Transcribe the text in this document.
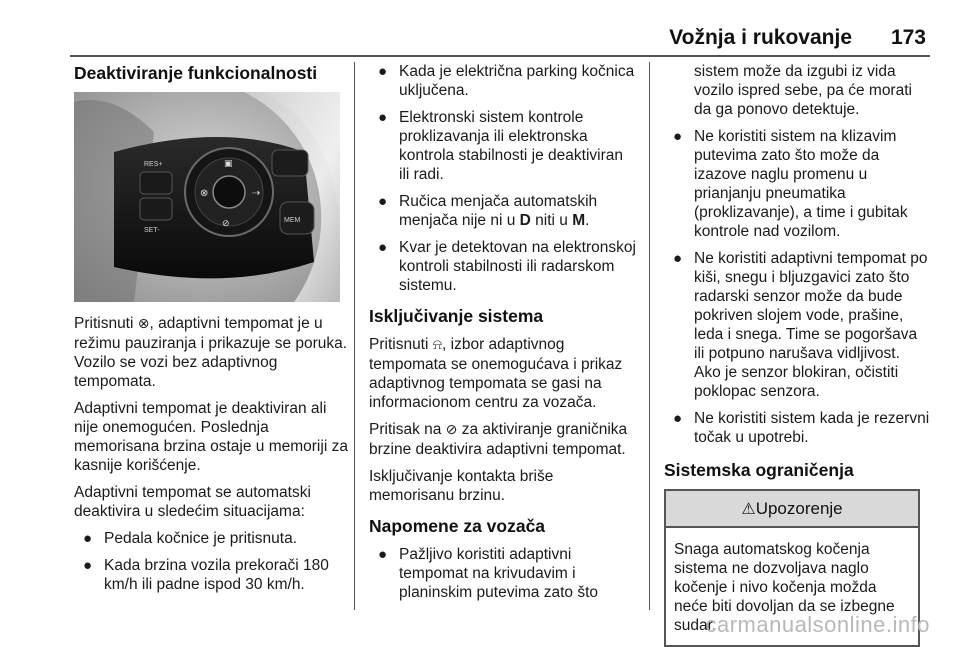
Vožnja i rukovanje 173
Deaktiviranje funkcionalnosti
RES+
SET-
⊗	⇢
▣
⊘	MEM

Pritisnuti ⊗, adaptivni tempomat je u režimu pauziranja i prikazuje se poruka. Vozilo se vozi bez adaptivnog tempomata.

Adaptivni tempomat je deaktiviran ali nije onemogućen. Poslednja memorisana brzina ostaje u memoriji za kasnije korišćenje.

Adaptivni tempomat se automatski deaktivira u sledećim situacijama:

● Pedala kočnice je pritisnuta.
● Kada brzina vozila prekorači 180 km/h ili padne ispod 30 km/h.
● Kada je električna parking kočnica uključena.
● Elektronski sistem kontrole proklizavanja ili elektronska kontrola stabilnosti je deaktiviran ili radi.
● Ručica menjača automatskih menjača nije ni u D niti u M.
● Kvar je detektovan na elektronskoj kontroli stabilnosti ili radarskom sistemu.
Isključivanje sistema

Pritisnuti ⍾, izbor adaptivnog tempomata se onemogućava i prikaz adaptivnog tempomata se gasi na informacionom centru za vozača.

Pritisak na ⊘ za aktiviranje graničnika brzine deaktivira adaptivni tempomat.

Isključivanje kontakta briše memorisanu brzinu.

Napomene za vozača
● Pažljivo koristiti adaptivni tempomat na krivudavim i planinskim putevima zato što

sistem može da izgubi iz vida vozilo ispred sebe, pa će morati da ga ponovo detektuje.

● Ne koristiti sistem na klizavim putevima zato što može da izazove naglu promenu u prianjanju pneumatika (proklizavanje), a time i gubitak kontrole nad vozilom.
● Ne koristiti adaptivni tempomat po kiši, snegu i bljuzgavici zato što radarski senzor može da bude pokriven slojem vode, prašine, leda i snega. Time se pogoršava ili potpuno narušava vidljivost. Ako je senzor blokiran, očistiti poklopac senzora.
● Ne koristiti sistem kada je rezervni točak u upotrebi.
Sistemska ograničenja
⚠Upozorenje
Snaga automatskog kočenja sistema ne dozvoljava naglo kočenje i nivo kočenja možda neće biti dovoljan da se izbegne sudar.
carmanualsonline.info
